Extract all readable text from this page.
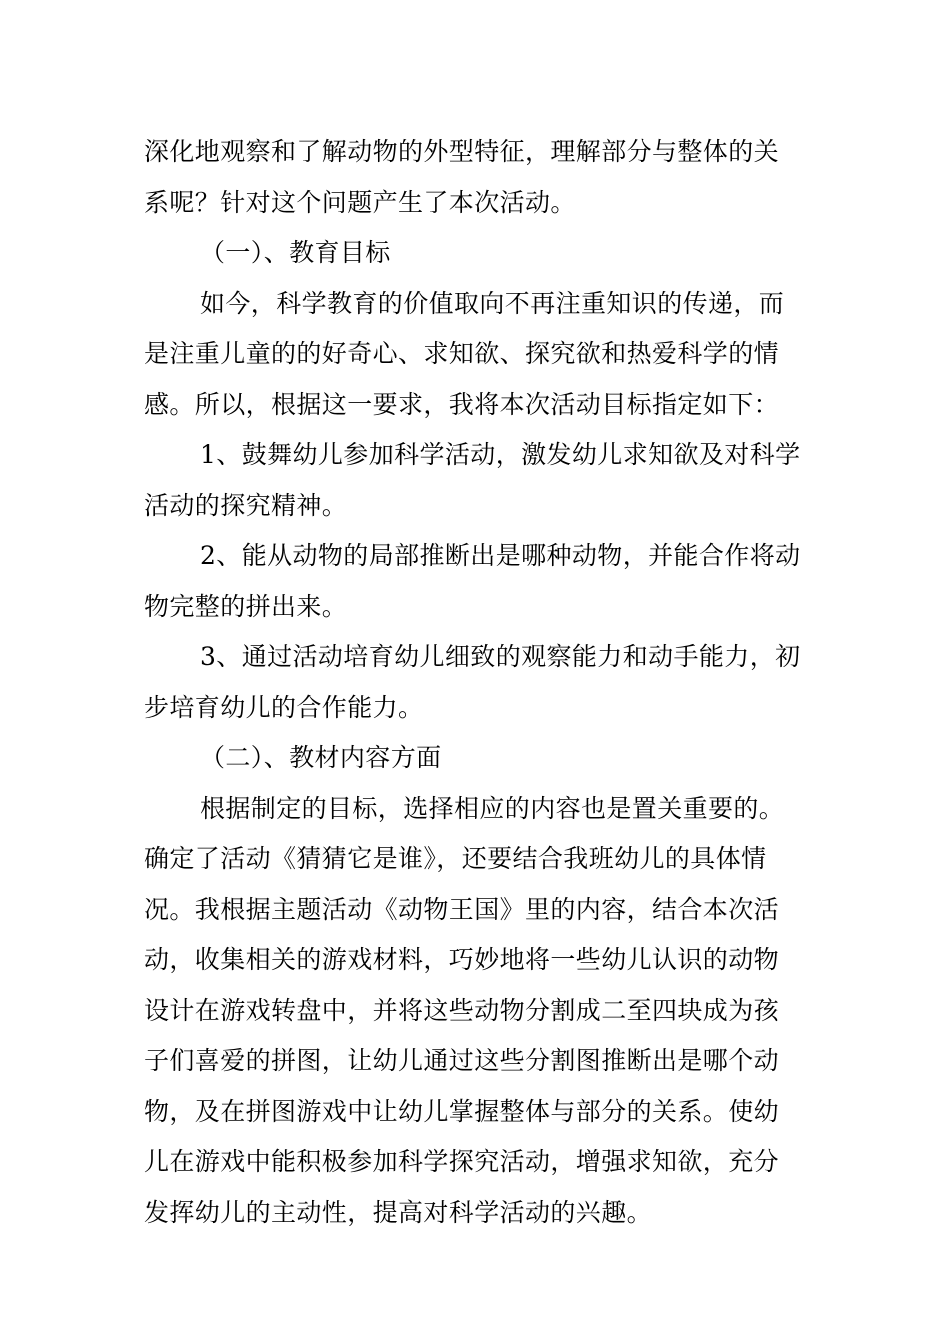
深化地观察和了解动物的外型特征，理解部分与整体的关
系呢？针对这个问题产生了本次活动。
（一）、教育目标
如今，科学教育的价值取向不再注重知识的传递，而
是注重儿童的的好奇心、求知欲、探究欲和热爱科学的情
感。所以，根据这一要求，我将本次活动目标指定如下：
1、鼓舞幼儿参加科学活动，激发幼儿求知欲及对科学
活动的探究精神。
2、能从动物的局部推断出是哪种动物，并能合作将动
物完整的拼出来。
3、通过活动培育幼儿细致的观察能力和动手能力，初
步培育幼儿的合作能力。
（二）、教材内容方面
根据制定的目标，选择相应的内容也是置关重要的。
确定了活动《猜猜它是谁》，还要结合我班幼儿的具体情
况。我根据主题活动《动物王国》里的内容，结合本次活
动，收集相关的游戏材料，巧妙地将一些幼儿认识的动物
设计在游戏转盘中，并将这些动物分割成二至四块成为孩
子们喜爱的拼图，让幼儿通过这些分割图推断出是哪个动
物，及在拼图游戏中让幼儿掌握整体与部分的关系。使幼
儿在游戏中能积极参加科学探究活动，增强求知欲，充分
发挥幼儿的主动性，提高对科学活动的兴趣。
